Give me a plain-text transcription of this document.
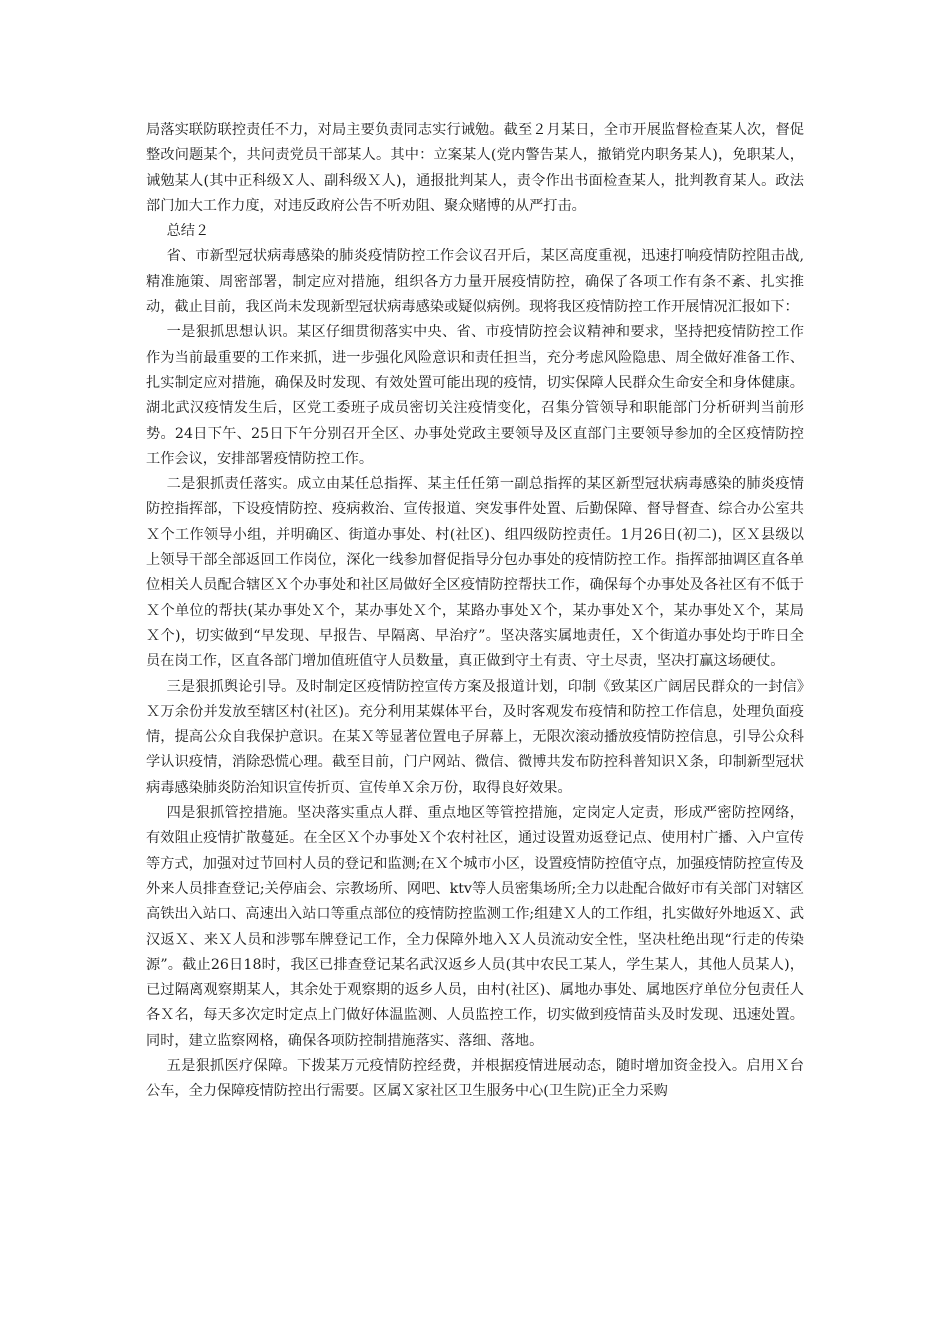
局落实联防联控责任不力，对局主要负责同志实行诫勉。截至２月某日，全市开展监督检查某人次，督促整改问题某个，共问责党员干部某人。其中：立案某人(党内警告某人，撤销党内职务某人)，免职某人，诫勉某人(其中正科级Ｘ人、副科级Ｘ人)，通报批判某人，责令作出书面检查某人，批判教育某人。政法部门加大工作力度，对违反政府公告不听劝阻、聚众赌博的从严打击。

总结２

省、市新型冠状病毒感染的肺炎疫情防控工作会议召开后，某区高度重视，迅速打响疫情防控阻击战,精准施策、周密部署，制定应对措施，组织各方力量开展疫情防控，确保了各项工作有条不紊、扎实推动，截止目前，我区尚未发现新型冠状病毒感染或疑似病例。现将我区疫情防控工作开展情况汇报如下：

一是狠抓思想认识。某区仔细贯彻落实中央、省、市疫情防控会议精神和要求，坚持把疫情防控工作作为当前最重要的工作来抓，进一步强化风险意识和责任担当，充分考虑风险隐患、周全做好准备工作、扎实制定应对措施，确保及时发现、有效处置可能出现的疫情，切实保障人民群众生命安全和身体健康。湖北武汉疫情发生后，区党工委班子成员密切关注疫情变化，召集分管领导和职能部门分析研判当前形势。24日下午、25日下午分别召开全区、办事处党政主要领导及区直部门主要领导参加的全区疫情防控工作会议，安排部署疫情防控工作。

二是狠抓责任落实。成立由某任总指挥、某主任任第一副总指挥的某区新型冠状病毒感染的肺炎疫情防控指挥部，下设疫情防控、疫病救治、宣传报道、突发事件处置、后勤保障、督导督查、综合办公室共Ｘ个工作领导小组，并明确区、街道办事处、村(社区)、组四级防控责任。1月26日(初二)，区Ｘ县级以上领导干部全部返回工作岗位，深化一线参加督促指导分包办事处的疫情防控工作。指挥部抽调区直各单位相关人员配合辖区Ｘ个办事处和社区局做好全区疫情防控帮扶工作，确保每个办事处及各社区有不低于Ｘ个单位的帮扶(某办事处Ｘ个，某办事处Ｘ个，某路办事处Ｘ个，某办事处Ｘ个，某办事处Ｘ个，某局Ｘ个)，切实做到“早发现、早报告、早隔离、早治疗”。坚决落实属地责任，Ｘ个街道办事处均于昨日全员在岗工作，区直各部门增加值班值守人员数量，真正做到守土有责、守土尽责，坚决打赢这场硬仗。

三是狠抓舆论引导。及时制定区疫情防控宣传方案及报道计划，印制《致某区广阔居民群众的一封信》Ｘ万余份并发放至辖区村(社区)。充分利用某媒体平台，及时客观发布疫情和防控工作信息，处理负面疫情，提高公众自我保护意识。在某Ｘ等显著位置电子屏幕上，无限次滚动播放疫情防控信息，引导公众科学认识疫情，消除恐慌心理。截至目前，门户网站、微信、微博共发布防控科普知识Ｘ条，印制新型冠状病毒感染肺炎防治知识宣传折页、宣传单Ｘ余万份，取得良好效果。

四是狠抓管控措施。坚决落实重点人群、重点地区等管控措施，定岗定人定责，形成严密防控网络，有效阻止疫情扩散蔓延。在全区Ｘ个办事处Ｘ个农村社区，通过设置劝返登记点、使用村广播、入户宣传等方式，加强对过节回村人员的登记和监测;在Ｘ个城市小区，设置疫情防控值守点，加强疫情防控宣传及外来人员排查登记;关停庙会、宗教场所、网吧、ktv等人员密集场所;全力以赴配合做好市有关部门对辖区高铁出入站口、高速出入站口等重点部位的疫情防控监测工作;组建Ｘ人的工作组，扎实做好外地返Ｘ、武汉返Ｘ、来Ｘ人员和涉鄂车牌登记工作，全力保障外地入Ｘ人员流动安全性，坚决杜绝出现“行走的传染源”。截止26日18时，我区已排查登记某名武汉返乡人员(其中农民工某人，学生某人，其他人员某人)，已过隔离观察期某人，其余处于观察期的返乡人员，由村(社区)、属地办事处、属地医疗单位分包责任人各Ｘ名，每天多次定时定点上门做好体温监测、人员监控工作，切实做到疫情苗头及时发现、迅速处置。同时，建立监察网格，确保各项防控制措施落实、落细、落地。

五是狠抓医疗保障。下拨某万元疫情防控经费，并根据疫情进展动态，随时增加资金投入。启用Ｘ台公车，全力保障疫情防控出行需要。区属Ｘ家社区卫生服务中心(卫生院)正全力采购
